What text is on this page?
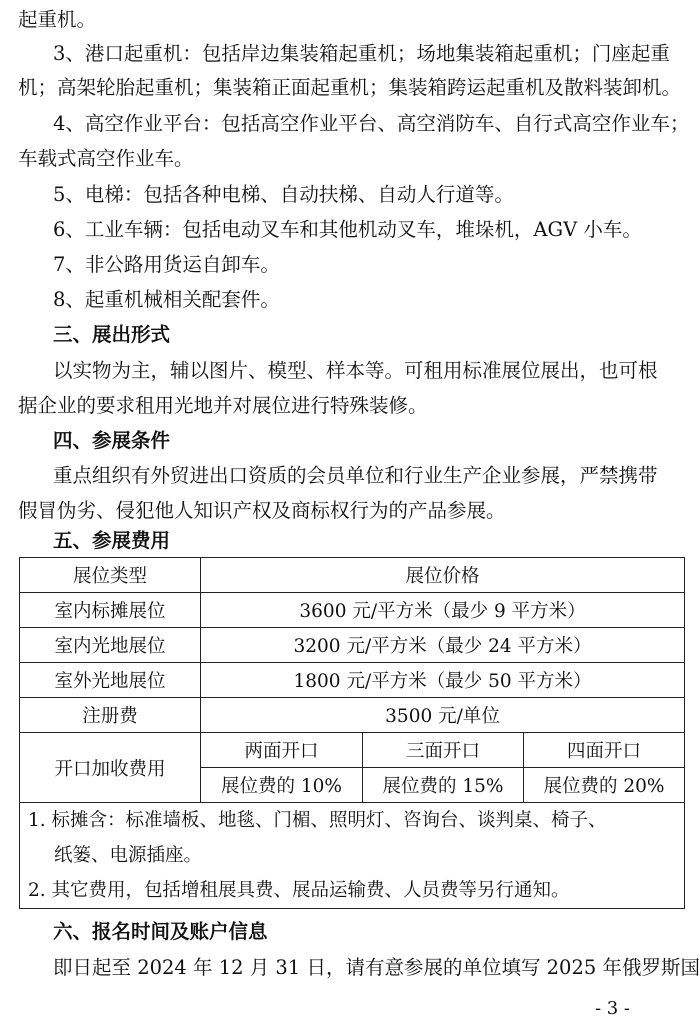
起重机。
3、港口起重机：包括岸边集装箱起重机；场地集装箱起重机；门座起重
机；高架轮胎起重机；集装箱正面起重机；集装箱跨运起重机及散料装卸机。
4、高空作业平台：包括高空作业平台、高空消防车、自行式高空作业车；
车载式高空作业车。
5、电梯：包括各种电梯、自动扶梯、自动人行道等。
6、工业车辆：包括电动叉车和其他机动叉车，堆垛机，AGV 小车。
7、非公路用货运自卸车。
8、起重机械相关配套件。
三、展出形式
以实物为主，辅以图片、模型、样本等。可租用标准展位展出，也可根
据企业的要求租用光地并对展位进行特殊装修。
四、参展条件
重点组织有外贸进出口资质的会员单位和行业生产企业参展，严禁携带
假冒伪劣、侵犯他人知识产权及商标权行为的产品参展。
五、参展费用
展位类型	展位价格		
室内标摊展位	3600 元/平方米（最少 9 平方米）		
室内光地展位	3200 元/平方米（最少 24 平方米）		
室外光地展位	1800 元/平方米（最少 50 平方米）		
注册费	3500 元/单位		
开口加收费用	两面开口	三面开口	四面开口
	展位费的 10%	展位费的 15%	展位费的 20%

1. 标摊含：标准墙板、地毯、门楣、照明灯、咨询台、谈判桌、椅子、
纸篓、电源插座。
2. 其它费用，包括增租展具费、展品运输费、人员费等另行通知。			
六、报名时间及账户信息
即日起至 2024 年 12 月 31 日，请有意参展的单位填写 2025 年俄罗斯国
- 3 -
